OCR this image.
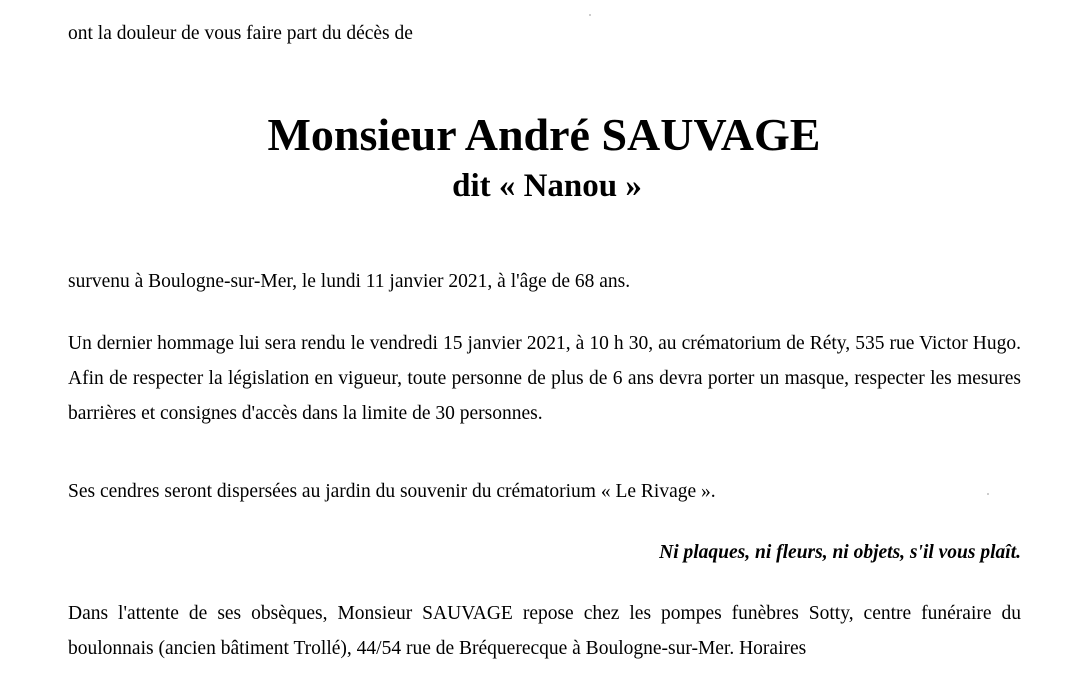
ont la douleur de vous faire part du décès de
Monsieur André SAUVAGE
dit « Nanou »
survenu à Boulogne-sur-Mer, le lundi 11 janvier 2021, à l'âge de 68 ans.
Un dernier hommage lui sera rendu le vendredi 15 janvier 2021, à 10 h 30, au crématorium de Réty, 535 rue Victor Hugo. Afin de respecter la législation en vigueur, toute personne de plus de 6 ans devra porter un masque, respecter les mesures barrières et consignes d'accès dans la limite de 30 personnes.
Ses cendres seront dispersées au jardin du souvenir du crématorium « Le Rivage ».
Ni plaques, ni fleurs, ni objets, s'il vous plaît.
Dans l'attente de ses obsèques, Monsieur SAUVAGE repose chez les pompes funèbres Sotty, centre funéraire du boulonnais (ancien bâtiment Trollé), 44/54 rue de Bréquerecque à Boulogne-sur-Mer. Horaires
